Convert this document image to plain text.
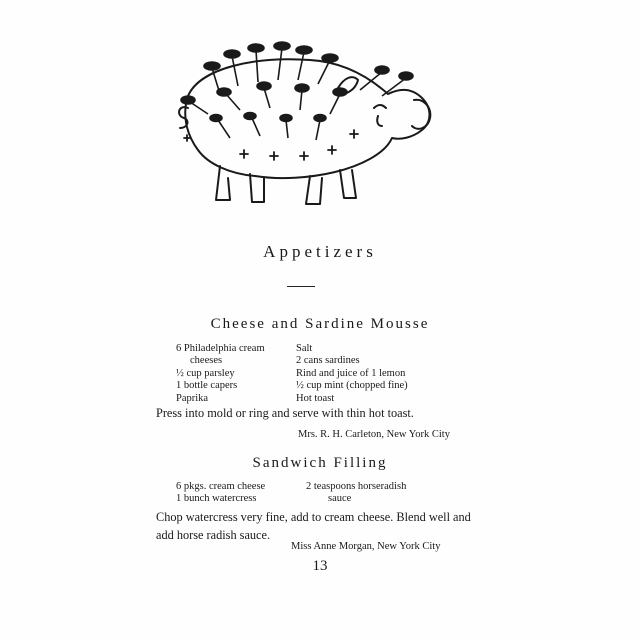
Appetizers
Cheese and Sardine Mousse
6 Philadelphia cream
cheeses
½ cup parsley
1 bottle capers
Paprika
Salt
2 cans sardines
Rind and juice of 1 lemon
½ cup mint (chopped fine)
Hot toast
Press into mold or ring and serve with thin hot toast.
Mrs. R. H. Carleton, New York City
Sandwich Filling
6 pkgs. cream cheese
1 bunch watercress
2 teaspoons horseradish
sauce
Chop watercress very fine, add to cream cheese. Blend well and
add horse radish sauce.
Miss Anne Morgan, New York City
13
